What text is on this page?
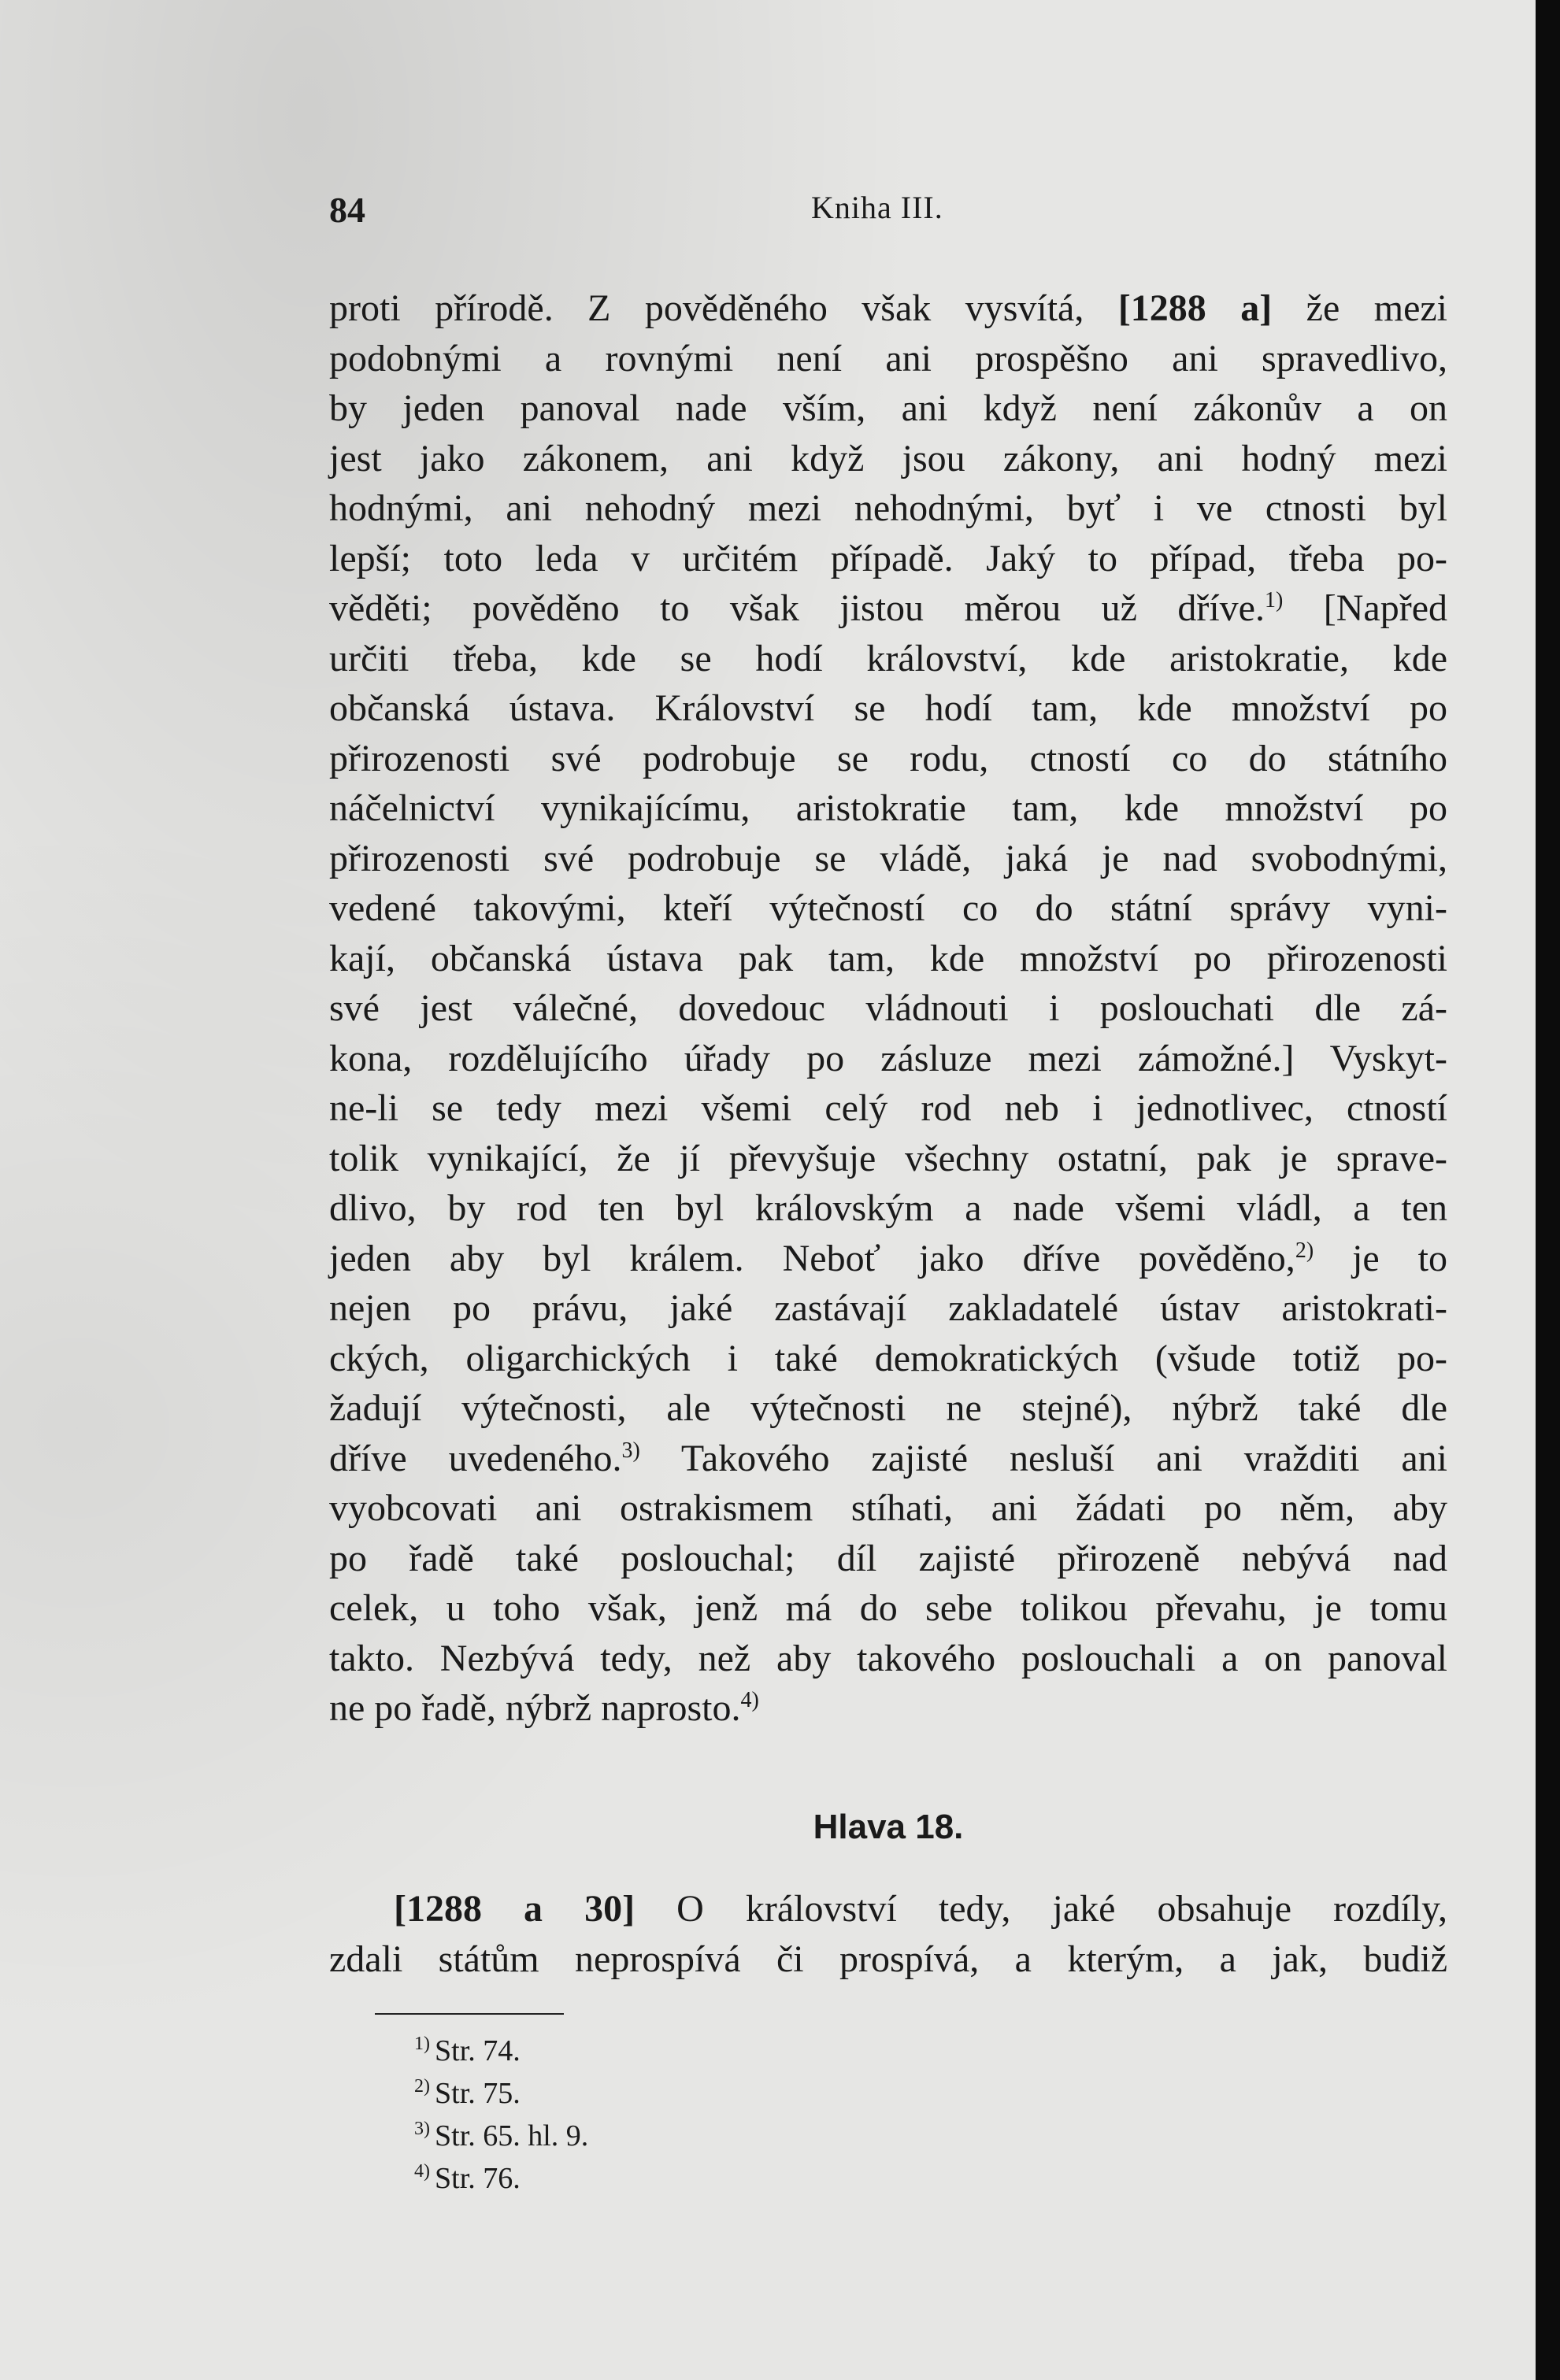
84	Kniha III.
proti přírodě. Z pověděného však vysvítá, [1288 a] že mezi
podobnými a rovnými není ani prospěšno ani spravedlivo,
by jeden panoval nade vším, ani když není zákonův a on
jest jako zákonem, ani když jsou zákony, ani hodný mezi
hodnými, ani nehodný mezi nehodnými, byť i ve ctnosti byl
lepší; toto leda v určitém případě. Jaký to případ, třeba po-
věděti; pověděno to však jistou měrou už dříve.$^{1)}$ [Napřed
určiti třeba, kde se hodí království, kde aristokratie, kde
občanská ústava. Království se hodí tam, kde množství po
přirozenosti své podrobuje se rodu, ctností co do státního
náčelnictví vynikajícímu, aristokratie tam, kde množství po
přirozenosti své podrobuje se vládě, jaká je nad svobodnými,
vedené takovými, kteří výtečností co do státní správy vyni-
kají, občanská ústava pak tam, kde množství po přirozenosti
své jest válečné, dovedouc vládnouti i poslouchati dle zá-
kona, rozdělujícího úřady po zásluze mezi zámožné.] Vyskyt-
ne-li se tedy mezi všemi celý rod neb i jednotlivec, ctností
tolik vynikající, že jí převyšuje všechny ostatní, pak je sprave-
dlivo, by rod ten byl královským a nade všemi vládl, a ten
jeden aby byl králem. Neboť jako dříve pověděno,$^{2)}$ je to
nejen po právu, jaké zastávají zakladatelé ústav aristokrati-
ckých, oligarchických i také demokratických (všude totiž po-
žadují výtečnosti, ale výtečnosti ne stejné), nýbrž také dle
dříve uvedeného.$^{3)}$ Takového zajisté nesluší ani vražditi ani
vyobcovati ani ostrakismem stíhati, ani žádati po něm, aby
po řadě také poslouchal; díl zajisté přirozeně nebývá nad
celek, u toho však, jenž má do sebe tolikou převahu, je tomu
takto. Nezbývá tedy, než aby takového poslouchali a on panoval
ne po řadě, nýbrž naprosto.$^{4)}$
Hlava 18.
[1288 a 30] O království tedy, jaké obsahuje rozdíly,
zdali státům neprospívá či prospívá, a kterým, a jak, budiž
$^{1)}$ Str. 74.
$^{2)}$ Str. 75.
$^{3)}$ Str. 65. hl. 9.
$^{4)}$ Str. 76.
